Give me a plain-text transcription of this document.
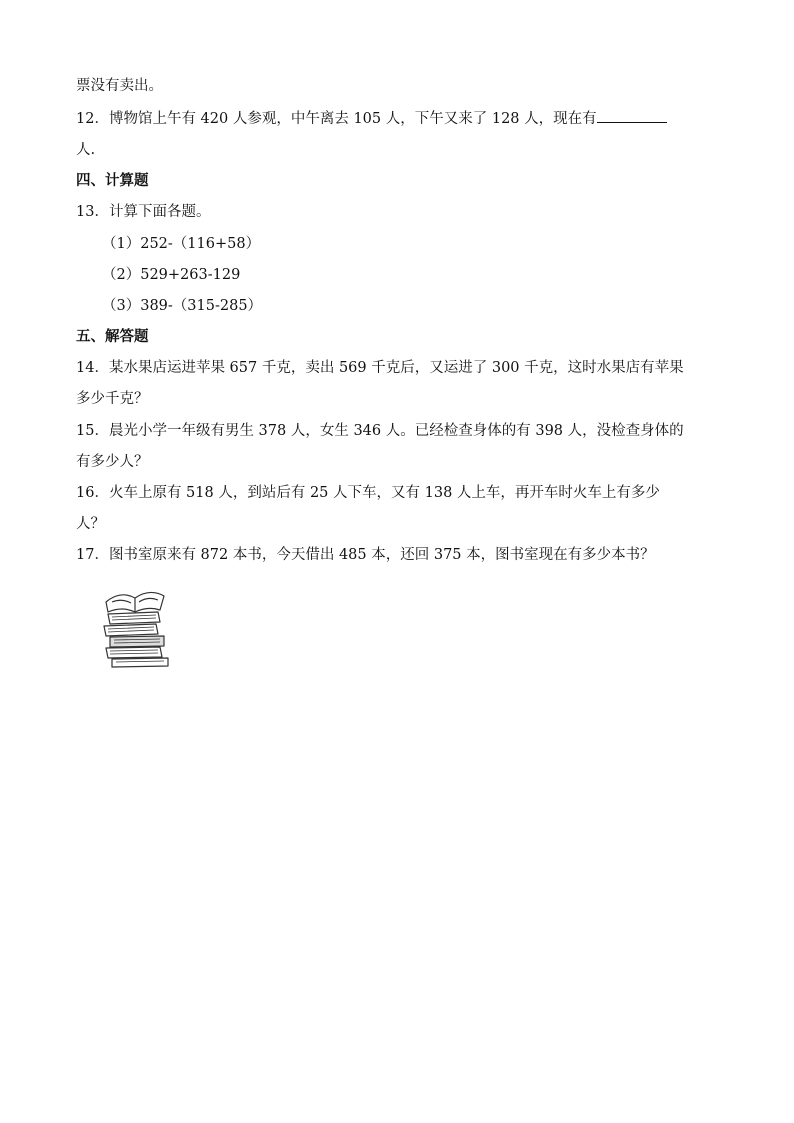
票没有卖出。
12．博物馆上午有 420 人参观，中午离去 105 人，下午又来了 128 人，现在有
人.
四、计算题
13．计算下面各题。
（1）252-（116+58）
（2）529+263-129
（3）389-（315-285）
五、解答题
14．某水果店运进苹果 657 千克，卖出 569 千克后，又运进了 300 千克，这时水果店有苹果
多少千克？
15．晨光小学一年级有男生 378 人，女生 346 人。已经检查身体的有 398 人，没检查身体的
有多少人？
16．火车上原有 518 人，到站后有 25 人下车，又有 138 人上车，再开车时火车上有多少
人？
17．图书室原来有 872 本书，今天借出 485 本，还回 375 本，图书室现在有多少本书？
